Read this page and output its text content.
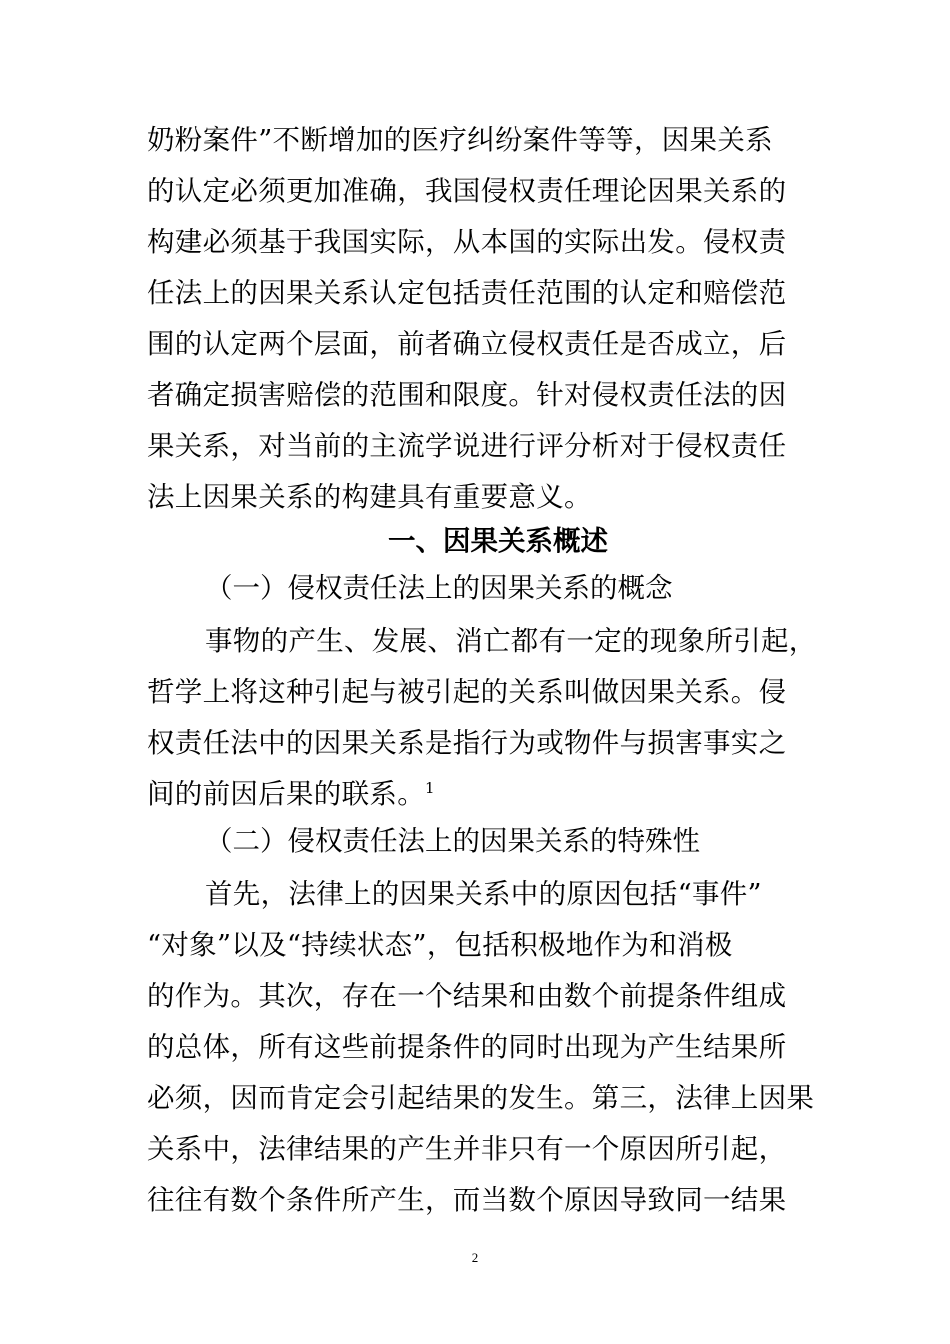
奶粉案件”不断增加的医疗纠纷案件等等，因果关系
的认定必须更加准确，我国侵权责任理论因果关系的
构建必须基于我国实际，从本国的实际出发。侵权责
任法上的因果关系认定包括责任范围的认定和赔偿范
围的认定两个层面，前者确立侵权责任是否成立，后
者确定损害赔偿的范围和限度。针对侵权责任法的因
果关系，对当前的主流学说进行评分析对于侵权责任
法上因果关系的构建具有重要意义。
一、因果关系概述
（一）侵权责任法上的因果关系的概念
事物的产生、发展、消亡都有一定的现象所引起，
哲学上将这种引起与被引起的关系叫做因果关系。侵
权责任法中的因果关系是指行为或物件与损害事实之
间的前因后果的联系。$^1$
（二）侵权责任法上的因果关系的特殊性
首先，法律上的因果关系中的原因包括“事件”
“对象”以及“持续状态”，包括积极地作为和消极
的作为。其次，存在一个结果和由数个前提条件组成
的总体，所有这些前提条件的同时出现为产生结果所
必须，因而肯定会引起结果的发生。第三，法律上因果
关系中，法律结果的产生并非只有一个原因所引起，
往往有数个条件所产生，而当数个原因导致同一结果
2
